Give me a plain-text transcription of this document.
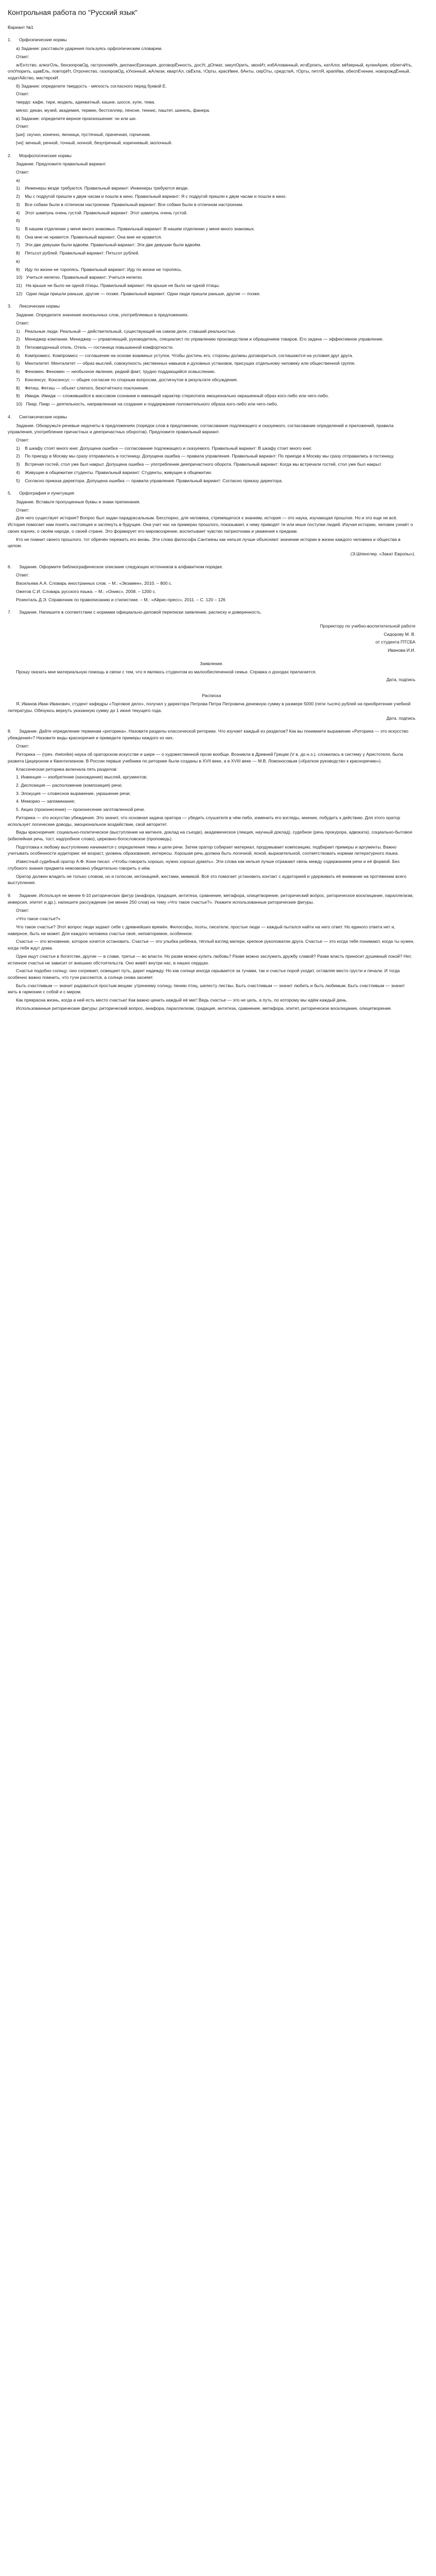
Контрольная работа по "Русский язык"

Вариант №1

1. Орфоэпические нормы

а) Задание: расставьте ударения пользуясь орфоэпическим словарем.

Ответ:

агЕнтство, алкогОль, бензопровОд, гастрономИя, диспансЕризация, договорЁнность, досУг, дОгмат, закупОрить, звонИт, избАлованный, исчЕрпать, катАлог, мИзерный, кулинАрия, облегчИть, откУпорить, щавЕль, повторИт, Отрочество, газопровОд, кУхонный, жАлюзи, квартАл, свЁкла, тОрты, красИвее, бАнты, сирОты, средствА, тОрты, петлЯ, крапИва, обеспЕчение, новорождЁнный, ходатАйство, мастерскИ.

б) Задание: определите твердость - мягкость согласного перед буквой Е.

Ответ:

твердо: кафе, тире, модель, адекватный, кашне, шоссе, купе, тема.

мягко: декан, музей, академия, термин, бестселлер, пенсне, теннис, паштет, шинель, фанера.

в) Задание: определите верное произношение: чн или шн.

Ответ:

[шн]: скучно, конечно, яичница, пустячный, прачечная, горчичник.

[чн]: вечный, речной, точный, ночной, безупречный, коричневый, молочный.

2. Морфологические нормы

Задание. Предложите правильный вариант.

Ответ:

а)

1)    Инженеры везде требуются. Правильный вариант: Инженеры требуются везде.

2)    Мы с подругой пришли к двум часам и пошли в кино. Правильный вариант: Я с подругой пришли к двум часам и пошли в кино.

3)    Все собаки были в отличном настроении. Правильный вариант: Все собаки были в отличном настроении.

4)    Этот шампунь очень густой. Правильный вариант: Этот шампунь очень густой.

б)

5)    В нашем отделении у меня много знакомых. Правильный вариант: В нашем отделении у меня много знакомых.

6)    Она мне не нравится. Правильный вариант: Она мне не нравится.

7)    Эти две девушки были вдвоём. Правильный вариант: Эти две девушки были вдвоём.

8)    Пятьсот рублей. Правильный вариант: Пятьсот рублей.

в)

9)    Иду по жизни не торопясь. Правильный вариант: Иду по жизни не торопясь.

10)   Учиться нелегко. Правильный вариант: Учиться нелегко.

11)   На крыше не было ни одной птицы. Правильный вариант: На крыше не было ни одной птицы.

12)   Одни люди пришли раньше, другие — позже. Правильный вариант: Одни люди пришли раньше, другие — позже.

3. Лексические нормы

Задание. Определите значение иноязычных слов, употребляемых в предложениях.

Ответ:

1)    Реальные люди. Реальный — действительный, существующий на самом деле, ставший реальностью.

2)    Менеджер компании. Менеджер — управляющий, руководитель, специалист по управлению производством и обращением товаров. Его задача — эффективное управление.

3)    Пятизвездочный отель. Отель — гостиница повышенной комфортности.

4)    Компромисс. Компромисс — соглашение на основе взаимных уступок. Чтобы достичь его, стороны должны договориться, соглашаются на условия друг друга.

5)    Менталитет. Менталитет — образ мыслей, совокупность умственных навыков и духовных установок, присущих отдельному человеку или общественной группе.

6)    Феномен. Феномен — необычное явление, редкий факт, трудно поддающийся осмыслению.

7)    Консенсус. Консенсус — общее согласие по спорным вопросам, достигнутое в результате обсуждения.

8)    Фетиш. Фетиш — объект слепого, безотчётного поклонения.

9)    Имидж. Имидж — сложившийся в массовом сознании и имеющий характер стереотипа эмоционально окрашенный образ кого-либо или чего-либо.

10)   Пиар. Пиар — деятельность, направленная на создание и поддержание положительного образа кого-либо или чего-либо.

4. Синтаксические нормы

Задание. Обнаружьте речевые недочеты в предложениях (порядок слов в предложении, согласование подлежащего и сказуемого, согласование определений и приложений, правила управления, употребление причастных и деепричастных оборотов). Предложите правильный вариант.

Ответ:

1)    В шкафу стоят много книг. Допущена ошибка — согласование подлежащего и сказуемого. Правильный вариант: В шкафу стоит много книг.

2)    По приезду в Москву мы сразу отправились в гостиницу. Допущена ошибка — правила управления. Правильный вариант: По приезде в Москву мы сразу отправились в гостиницу.

3)    Встречая гостей, стол уже был накрыт. Допущена ошибка — употребление деепричастного оборота. Правильный вариант: Когда мы встречали гостей, стол уже был накрыт.

4)    Живущие в общежитии студенты. Правильный вариант: Студенты, живущие в общежитии.

5)    Согласно приказа директора. Допущена ошибка — правила управления. Правильный вариант: Согласно приказу директора.

5. Орфография и пунктуация

Задание. Вставьте пропущенные буквы и знаки препинания.

Ответ:

Для чего существует история? Вопрос был задан парадоксальным. Бесспорно, для человека, стремящегося к знаниям, история — это наука, изучающая прошлое. Но и это еще не всё. История помогает нам понять настоящее и заглянуть в будущее. Она учит нас на примерах прошлого, показывает, к чему приводят те или иные поступки людей. Изучая историю, человек узнаёт о своих корнях, о своём народе, о своей стране. Это формирует его мировоззрение, воспитывает чувство патриотизма и уважения к предкам.

Кто не помнит своего прошлого, тот обречён пережить его вновь. Эти слова философа Сантаяны как нельзя лучше объясняют значение истории в жизни каждого человека и общества в целом.

(Э.Шпенглер. «Закат Европы»).

6. Задание. Оформите библиографическое описание следующих источников в алфавитном порядке.

Ответ:

Васильева А.А. Словарь иностранных слов. – М.: «Экзамен», 2010. – 800 с.

Ожегов С.И. Словарь русского языка. – М.: «Оникс», 2008. – 1200 с.

Розенталь Д.Э. Справочник по правописанию и стилистике. – М.: «Айрис-пресс», 2011. – С. 120 – 126

7. Задание. Напишите в соответствии с нормами официально-деловой переписки заявление, расписку и доверенность.

Проректору по учебно-воспитательной работе

Сидорову М. В.

от студента ПТСБА

Иванова И.И.

Заявление.

Прошу оказать мне материальную помощь в связи с тем, что я являюсь студентом из малообеспеченной семьи. Справка о доходах прилагается.

Дата, подпись

Расписка

Я, Иванов Иван Иванович, студент кафедры «Торговое дело», получил у директора Петрова Петра Петровича денежную сумму в размере 5000 (пяти тысяч) рублей на приобретение учебной литературы. Обязуюсь вернуть указанную сумму до 1 июня текущего года.

Дата, подпись

8. Задание. Дайте определение терминам «риторика». Назовите разделы классической риторики. Что изучает каждый из разделов? Как вы понимаете выражение «Риторика — это искусство убеждения»? Назовите виды красноречия и приведите примеры каждого из них.

Ответ:

Риторика — (греч. rhetorike) наука об ораторском искусстве и шире — о художественной прозе вообще. Возникла в Древней Греции (V в. до н.э.), сложилась в систему у Аристотеля, была развита Цицероном и Квинтилианом. В России первые учебники по риторике были созданы в XVII веке, а в XVIII веке — М.В. Ломоносовым («Краткое руководство к красноречию»).

Классическая риторика включала пять разделов:

1. Инвенция — изобретение (нахождение) мыслей, аргументов;

2. Диспозиция — расположение (композиция) речи;

3. Элокуция — словесное выражение, украшение речи;

4. Меморио — запоминание;

5. Акцио (произнесение) — произнесение заготовленной речи.

Риторика — это искусство убеждения. Это значит, что основная задача оратора — убедить слушателя в чём-либо, изменить его взгляды, мнение, побудить к действию. Для этого оратор использует логические доводы, эмоциональное воздействие, свой авторитет.

Виды красноречия: социально-политическое (выступление на митинге, доклад на съезде), академическое (лекция, научный доклад), судебное (речь прокурора, адвоката), социально-бытовое (юбилейная речь, тост, надгробное слово), церковно-богословское (проповедь).

Подготовка к любому выступлению начинается с определения темы и цели речи. Затем оратор собирает материал, продумывает композицию, подбирает примеры и аргументы. Важно учитывать особенности аудитории: её возраст, уровень образования, интересы. Хорошая речь должна быть логичной, ясной, выразительной, соответствовать нормам литературного языка.

Известный судебный оратор А.Ф. Кони писал: «Чтобы говорить хорошо, нужно хорошо думать». Эти слова как нельзя лучше отражают связь между содержанием речи и её формой. Без глубокого знания предмета невозможно убедительно говорить о нём.

Оратор должен владеть не только словом, но и голосом, интонацией, жестами, мимикой. Всё это помогает установить контакт с аудиторией и удерживать её внимание на протяжении всего выступления.

9. Задание. Используя не менее 6-10 риторических фигур (анафора, градация, антитеза, сравнение, метафора, олицетворение, риторический вопрос, риторическое восклицание, параллелизм, инверсия, эпитет и др.), напишите рассуждение (не менее 250 слов) на тему «Что такое счастье?». Укажите использованные риторические фигуры.

Ответ:

«Что такое счастье?»

Что такое счастье? Этот вопрос люди задают себе с древнейших времён. Философы, поэты, писатели, простые люди — каждый пытался найти на него ответ. Но единого ответа нет и, наверное, быть не может. Для каждого человека счастье своё, неповторимое, особенное.

Счастье — это мгновение, которое хочется остановить. Счастье — это улыбка ребёнка, тёплый взгляд матери, крепкое рукопожатие друга. Счастье — это когда тебя понимают, когда ты нужен, когда тебя ждут дома.

Одни ищут счастье в богатстве, другие — в славе, третьи — во власти. Но разве можно купить любовь? Разве можно заслужить дружбу славой? Разве власть приносит душевный покой? Нет, истинное счастье не зависит от внешних обстоятельств. Оно живёт внутри нас, в наших сердцах.

Счастье подобно солнцу: оно согревает, освещает путь, дарит надежду. Но как солнце иногда скрывается за тучами, так и счастье порой уходит, оставляя место грусти и печали. И тогда особенно важно помнить, что тучи рассеются, а солнце снова засияет.

Быть счастливым — значит радоваться простым вещам: утреннему солнцу, пению птиц, шелесту листвы. Быть счастливым — значит любить и быть любимым. Быть счастливым — значит жить в гармонии с собой и с миром.

Как прекрасна жизнь, когда в ней есть место счастью! Как важно ценить каждый её миг! Ведь счастье — это не цель, а путь, по которому мы идём каждый день.

Использованные риторические фигуры: риторический вопрос, анафора, параллелизм, градация, антитеза, сравнение, метафора, эпитет, риторическое восклицание, олицетворение.
